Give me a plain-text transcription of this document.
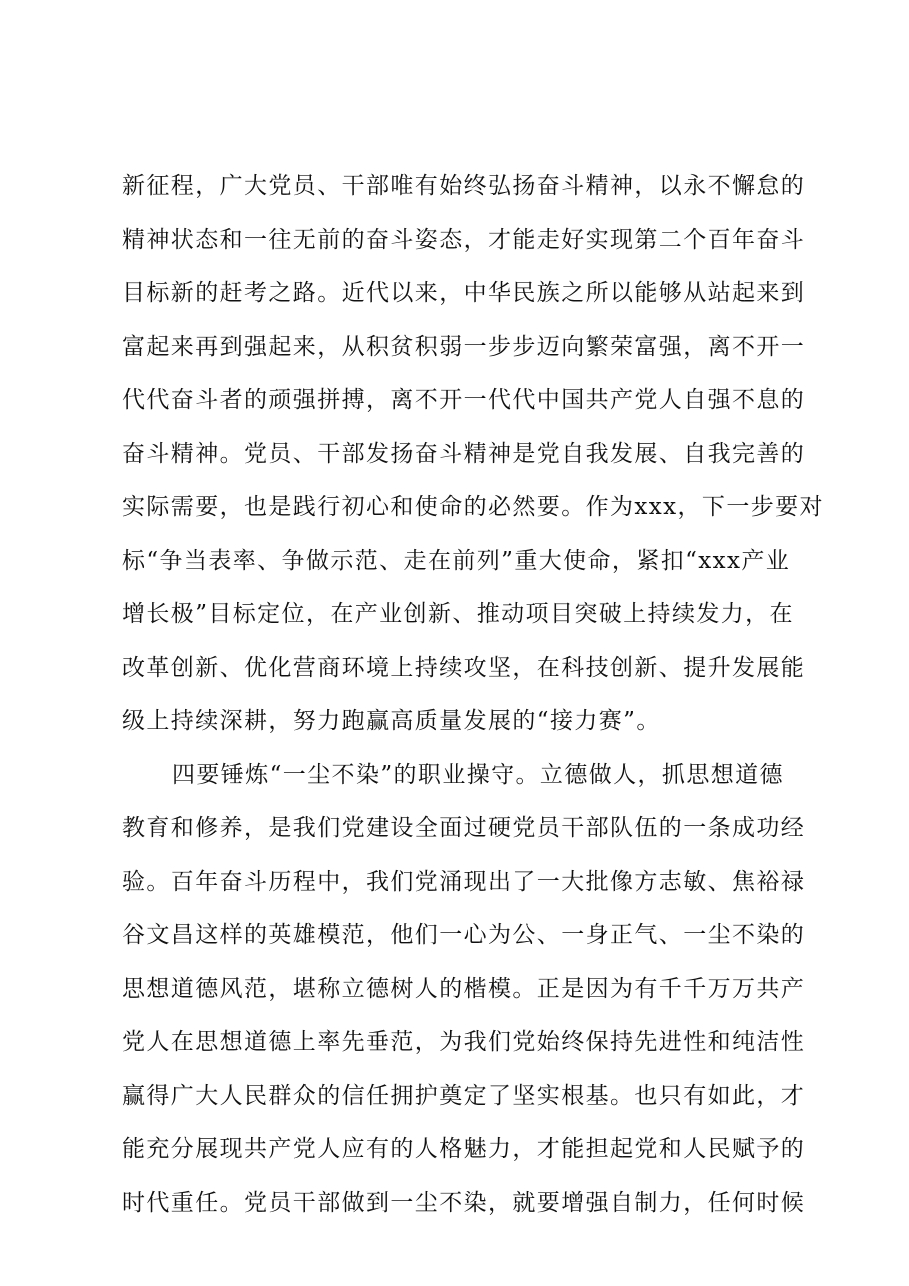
新征程，广大党员、干部唯有始终弘扬奋斗精神，以永不懈怠的
精神状态和一往无前的奋斗姿态，才能走好实现第二个百年奋斗
目标新的赶考之路。近代以来，中华民族之所以能够从站起来到
富起来再到强起来，从积贫积弱一步步迈向繁荣富强，离不开一
代代奋斗者的顽强拼搏，离不开一代代中国共产党人自强不息的
奋斗精神。党员、干部发扬奋斗精神是党自我发展、自我完善的
实际需要，也是践行初心和使命的必然要。作为xxx，下一步要对
标“争当表率、争做示范、走在前列”重大使命，紧扣“xxx产业
增长极”目标定位，在产业创新、推动项目突破上持续发力，在
改革创新、优化营商环境上持续攻坚，在科技创新、提升发展能
级上持续深耕，努力跑赢高质量发展的“接力赛”。
四要锤炼“一尘不染”的职业操守。立德做人，抓思想道德
教育和修养，是我们党建设全面过硬党员干部队伍的一条成功经
验。百年奋斗历程中，我们党涌现出了一大批像方志敏、焦裕禄
谷文昌这样的英雄模范，他们一心为公、一身正气、一尘不染的
思想道德风范，堪称立德树人的楷模。正是因为有千千万万共产
党人在思想道德上率先垂范，为我们党始终保持先进性和纯洁性
赢得广大人民群众的信任拥护奠定了坚实根基。也只有如此，才
能充分展现共产党人应有的人格魅力，才能担起党和人民赋予的
时代重任。党员干部做到一尘不染，就要增强自制力，任何时候
